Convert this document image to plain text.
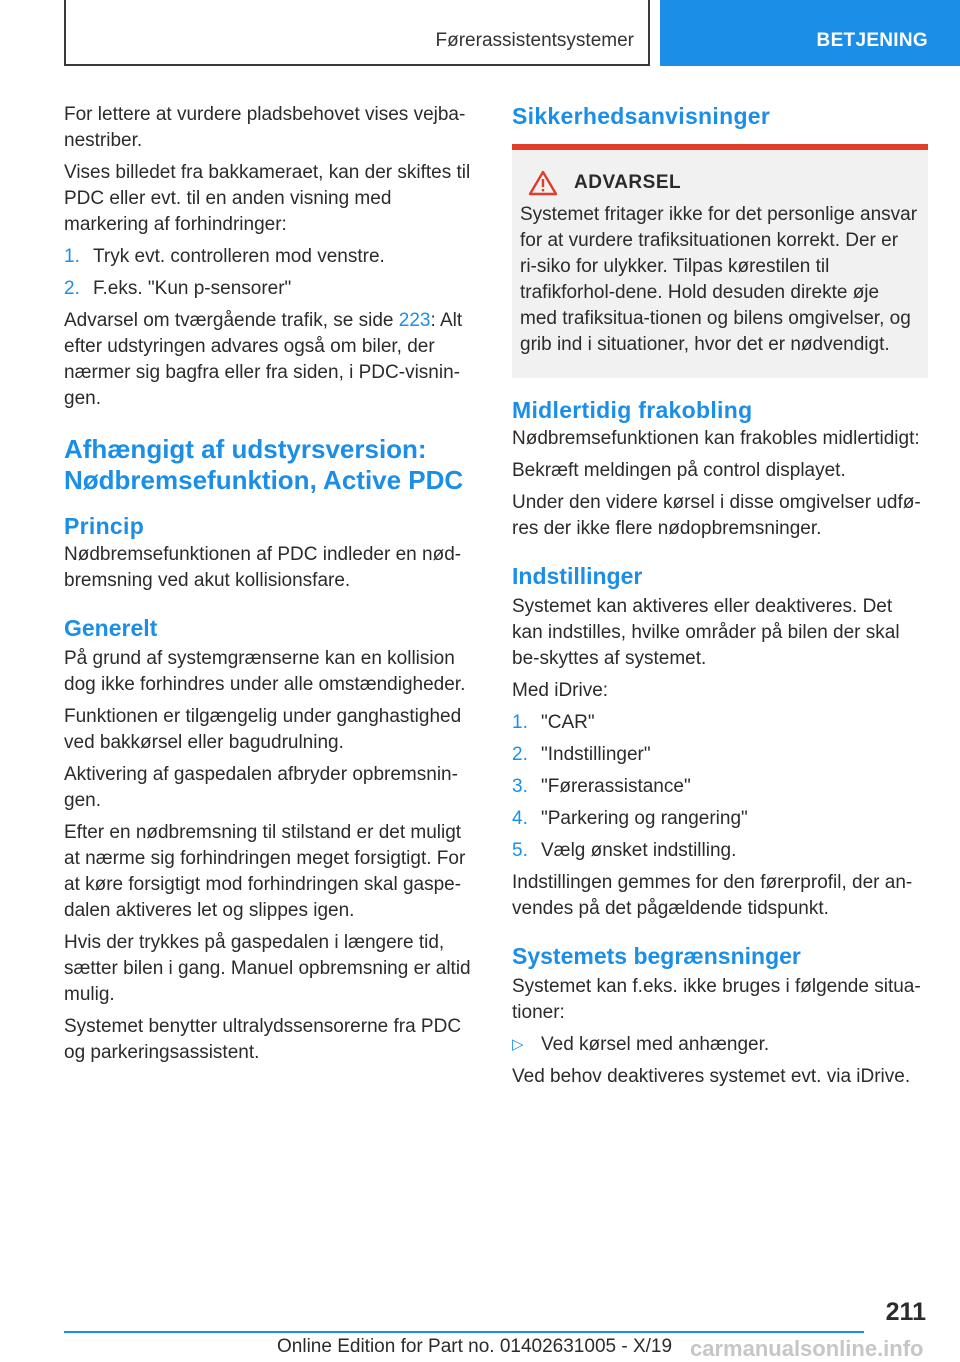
Førerassistentsystemer	BETJENING

For lettere at vurdere pladsbehovet vises vejba-nestriber.

Vises billedet fra bakkameraet, kan der skiftes til PDC eller evt. til en anden visning med markering af forhindringer:

1. Tryk evt. controlleren mod venstre.
2. F.eks. "Kun p-sensorer"

Advarsel om tværgående trafik, se side 223: Alt efter udstyringen advares også om biler, der nærmer sig bagfra eller fra siden, i PDC-visnin-gen.

Afhængigt af udstyrsversion: Nødbremsefunktion, Active PDC
Princip

Nødbremsefunktionen af PDC indleder en nød-bremsning ved akut kollisionsfare.

Generelt

På grund af systemgrænserne kan en kollision dog ikke forhindres under alle omstændigheder.

Funktionen er tilgængelig under ganghastighed ved bakkørsel eller bagudrulning.

Aktivering af gaspedalen afbryder opbremsnin-gen.

Efter en nødbremsning til stilstand er det muligt at nærme sig forhindringen meget forsigtigt. For at køre forsigtigt mod forhindringen skal gaspe-dalen aktiveres let og slippes igen.

Hvis der trykkes på gaspedalen i længere tid, sætter bilen i gang. Manuel opbremsning er altid mulig.

Systemet benytter ultralydssensorerne fra PDC og parkeringsassistent.

Sikkerhedsanvisninger
ADVARSEL

Systemet fritager ikke for det personlige ansvar for at vurdere trafiksituationen korrekt. Der er ri-siko for ulykker. Tilpas kørestilen til trafikforhol-dene. Hold desuden direkte øje med trafiksitua-tionen og bilens omgivelser, og grib ind i situationer, hvor det er nødvendigt.

Midlertidig frakobling

Nødbremsefunktionen kan frakobles midlertidigt:

Bekræft meldingen på control displayet.

Under den videre kørsel i disse omgivelser udfø-res der ikke flere nødopbremsninger.

Indstillinger

Systemet kan aktiveres eller deaktiveres. Det kan indstilles, hvilke områder på bilen der skal be-skyttes af systemet.

Med iDrive:

1. "CAR"
2. "Indstillinger"
3. "Førerassistance"
4. "Parkering og rangering"
5. Vælg ønsket indstilling.

Indstillingen gemmes for den førerprofil, der an-vendes på det pågældende tidspunkt.

Systemets begrænsninger

Systemet kan f.eks. ikke bruges i følgende situa-tioner:

▷ Ved kørsel med anhænger.

Ved behov deaktiveres systemet evt. via iDrive.

211
Online Edition for Part no. 01402631005 - X/19 carmanualsonline.info
